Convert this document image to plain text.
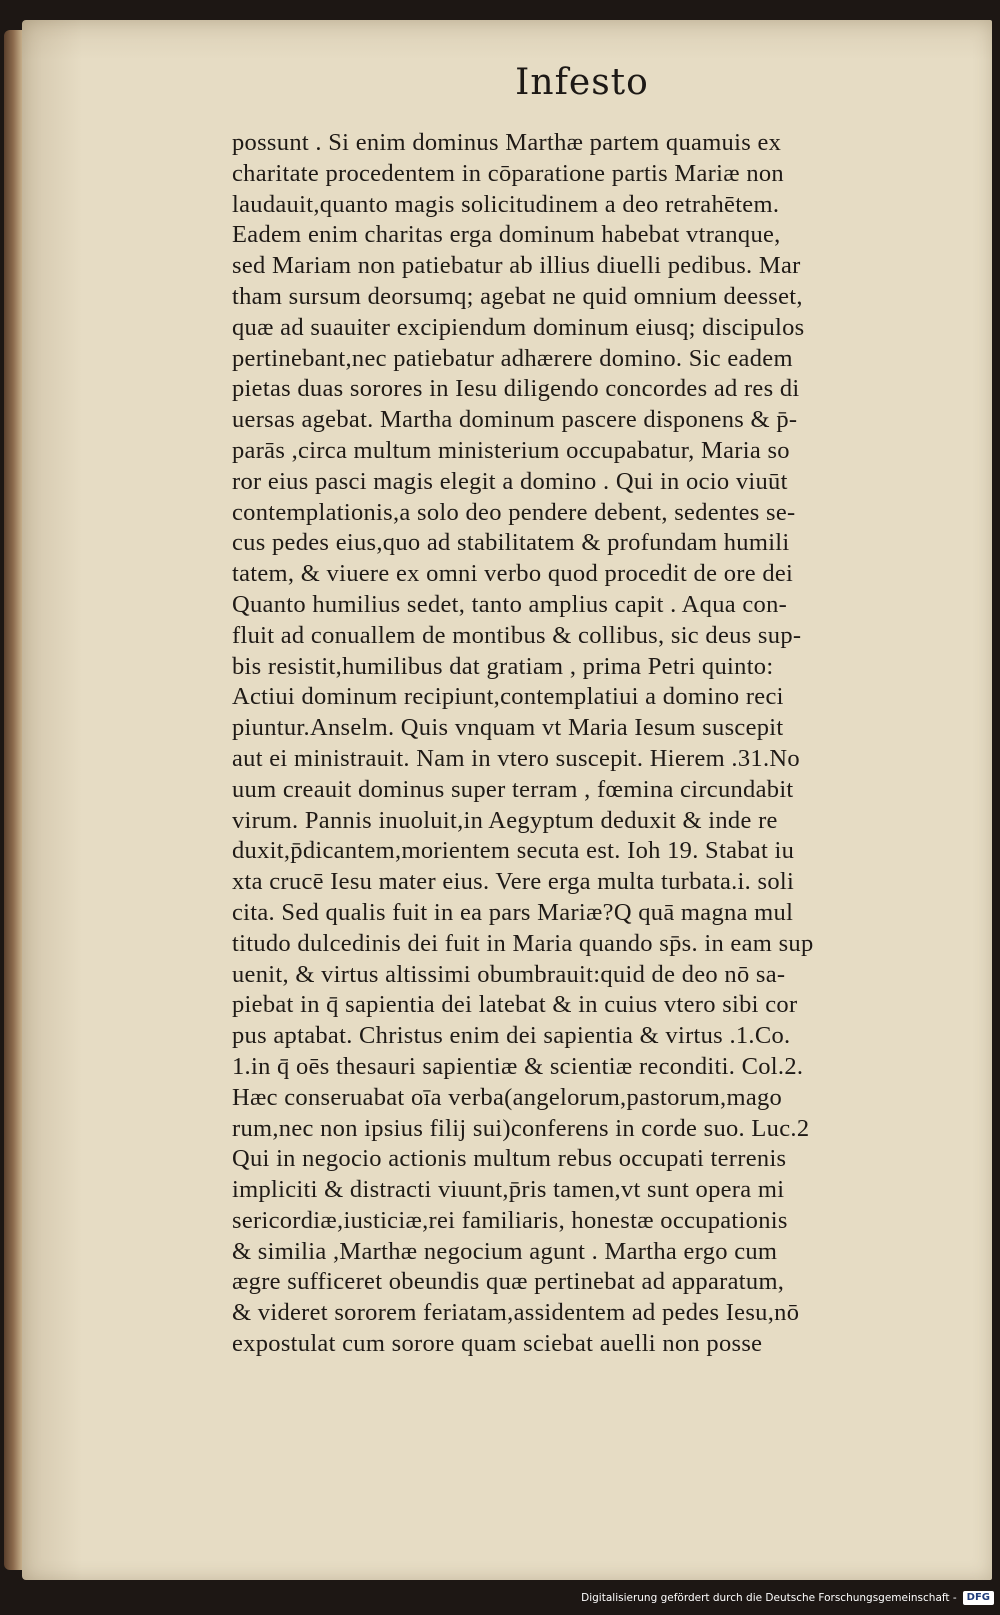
Infesto
possunt . Si enim dominus Marthæ partem quamuis ex
charitate procedentem in cōparatione partis Mariæ non
laudauit,quanto magis solicitudinem a deo retrahētem.
Eadem enim charitas erga dominum habebat vtranque,
sed Mariam non patiebatur ab illius diuelli pedibus. Mar
tham sursum deorsumq; agebat ne quid omnium deesset,
quæ ad suauiter excipiendum dominum eiusq; discipulos
pertinebant,nec patiebatur adhærere domino. Sic eadem
pietas duas sorores in Iesu diligendo concordes ad res di
uersas agebat. Martha dominum pascere disponens & p̄-
parās ,circa multum ministerium occupabatur, Maria so
ror eius pasci magis elegit a domino . Qui in ocio viuūt
contemplationis,a solo deo pendere debent, sedentes se-
cus pedes eius,quo ad stabilitatem & profundam humili
tatem, & viuere ex omni verbo quod procedit de ore dei
Quanto humilius sedet, tanto amplius capit . Aqua con-
fluit ad conuallem de montibus & collibus, sic deus sup-
bis resistit,humilibus dat gratiam , prima Petri quinto:
Actiui dominum recipiunt,contemplatiui a domino reci
piuntur.Anselm. Quis vnquam vt Maria Iesum suscepit
aut ei ministrauit. Nam in vtero suscepit. Hierem .31.No
uum creauit dominus super terram , fœmina circundabit
virum. Pannis inuoluit,in Aegyptum deduxit & inde re
duxit,p̄dicantem,morientem secuta est. Ioh 19. Stabat iu
xta crucē Iesu mater eius. Vere erga multa turbata.i. soli
cita. Sed qualis fuit in ea pars Mariæ?Q quā magna mul
titudo dulcedinis dei fuit in Maria quando sp̄s. in eam sup
uenit, & virtus altissimi obumbrauit:quid de deo nō sa-
piebat in q̄ sapientia dei latebat & in cuius vtero sibi cor
pus aptabat. Christus enim dei sapientia & virtus .1.Co.
1.in q̄ oēs thesauri sapientiæ & scientiæ reconditi. Col.2.
Hæc conseruabat oīa verba(angelorum,pastorum,mago
rum,nec non ipsius filij sui)conferens in corde suo. Luc.2
Qui in negocio actionis multum rebus occupati terrenis
impliciti & distracti viuunt,p̄ris tamen,vt sunt opera mi
sericordiæ,iusticiæ,rei familiaris, honestæ occupationis
& similia ,Marthæ negocium agunt . Martha ergo cum
ægre sufficeret obeundis quæ pertinebat ad apparatum,
& videret sororem feriatam,assidentem ad pedes Iesu,nō
expostulat cum sorore quam sciebat auelli non posse
Digitalisierung gefördert durch die Deutsche Forschungsgemeinschaft -	DFG
